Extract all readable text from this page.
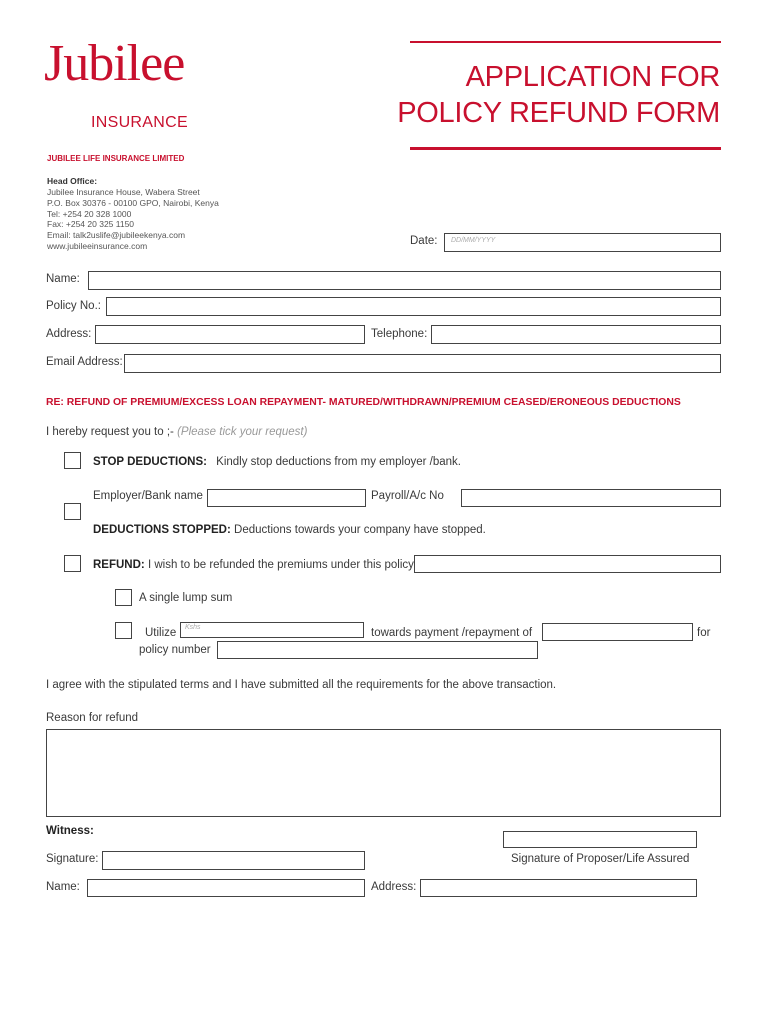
Jubilee
INSURANCE
APPLICATION FOR
POLICY REFUND FORM
JUBILEE LIFE INSURANCE LIMITED
Head Office:
Jubilee Insurance House, Wabera Street
P.O. Box 30376 - 00100 GPO, Nairobi, Kenya
Tel: +254 20 328 1000
Fax: +254 20 325 1150
Email: talk2uslife@jubileekenya.com
www.jubileeinsurance.com	Date: DD/MM/YYYY
Name:
Policy No.:
Address:	Telephone:
Email Address:
RE: REFUND OF PREMIUM/EXCESS LOAN REPAYMENT- MATURED/WITHDRAWN/PREMIUM CEASED/ERONEOUS DEDUCTIONS
I hereby request you to ;- (Please tick your request)
STOP DEDUCTIONS: Kindly stop deductions from my employer /bank.
Employer/Bank name	Payroll/A/c No
DEDUCTIONS STOPPED: Deductions towards your company have stopped.
REFUND: I wish to be refunded the premiums under this policy
A single lump sum
Utilize Kshs	towards payment /repayment of	for
policy number
I agree with the stipulated terms and I have submitted all the requirements for the above transaction.
Reason for refund
Witness:
Signature:	Signature of Proposer/Life Assured
Name:	Address:
